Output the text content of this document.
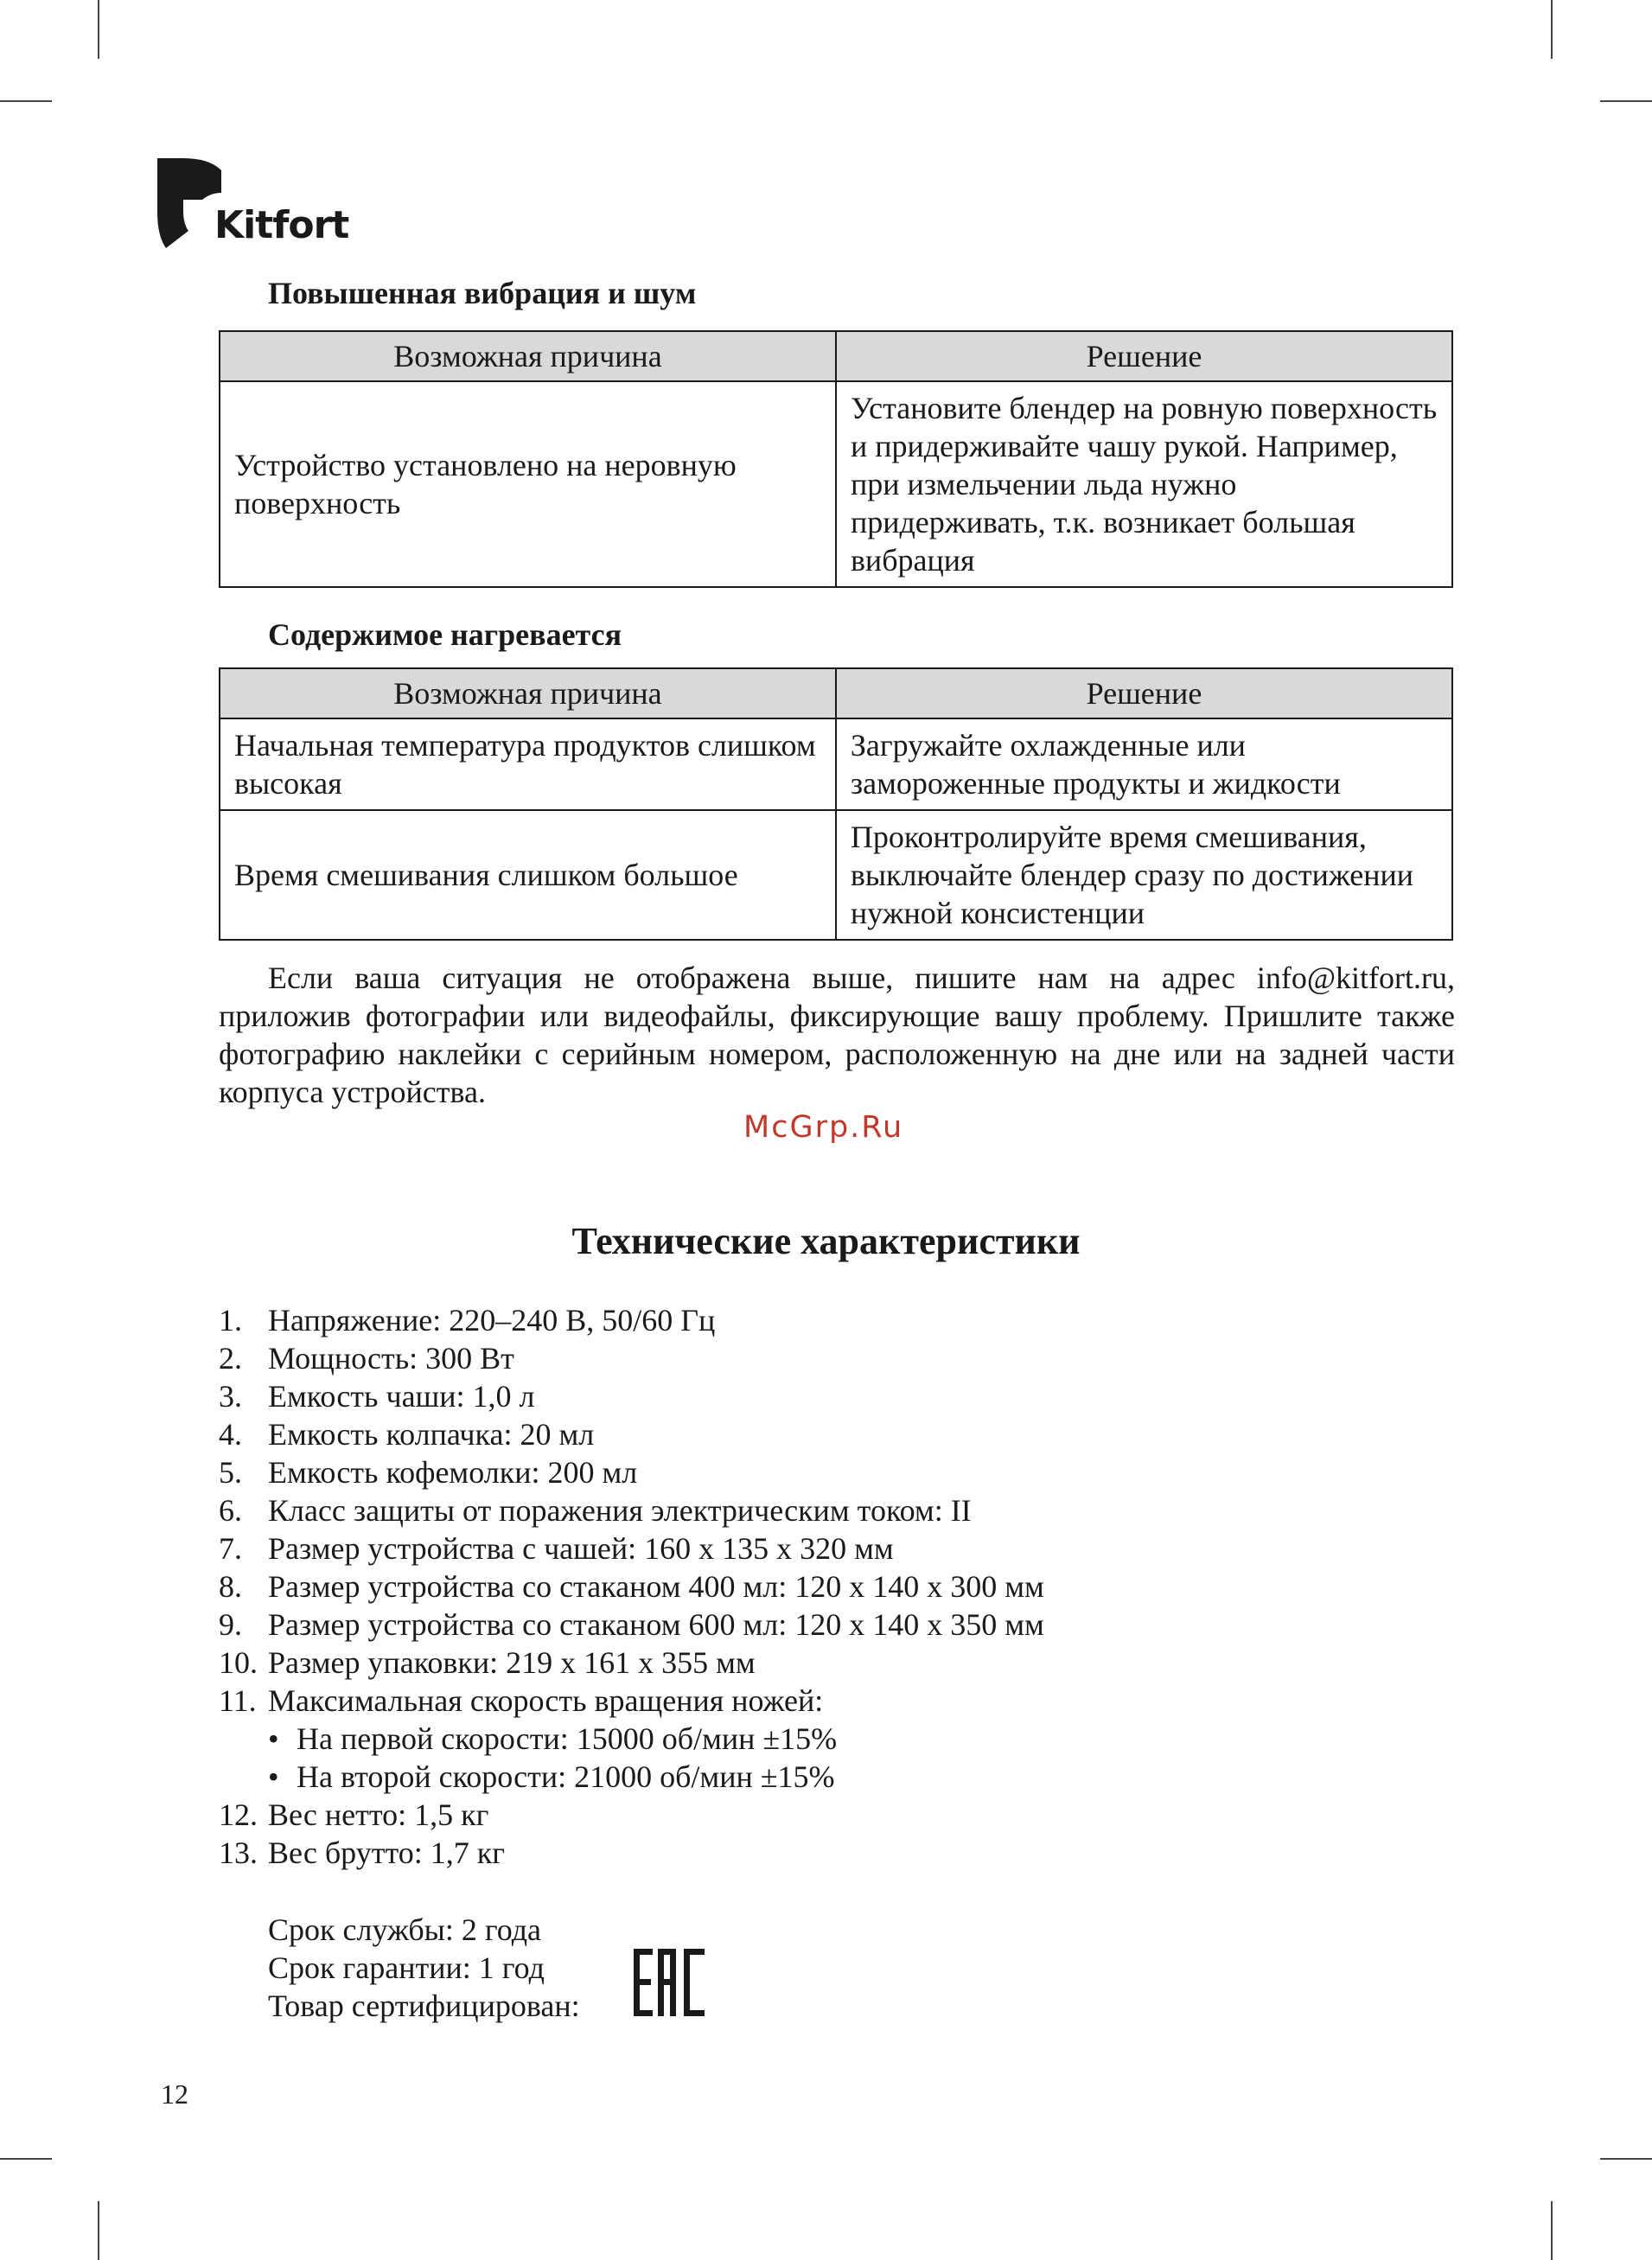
Kitfort
Повышенная вибрация и шум
Возможная причина	Решение
Устройство установлено на неровную поверхность	Установите блендер на ровную поверхность и придерживайте чашу рукой. Например, при измельчении льда нужно придерживать, т.к. возникает большая вибрация
Содержимое нагревается
Возможная причина	Решение
Начальная температура продуктов слишком высокая	Загружайте охлажденные или замороженные продукты и жидкости
Время смешивания слишком большое	Проконтролируйте время смешивания, выключайте блендер сразу по достижении нужной консистенции
Если ваша ситуация не отображена выше, пишите нам на адрес info@kitfort.ru, приложив фотографии или видеофайлы, фиксирующие вашу проблему. Пришлите также фотографию наклейки с серийным номером, расположенную на дне или на задней части корпуса устройства.
McGrp.Ru
Технические характеристики
1. Напряжение: 220–240 В, 50/60 Гц
2. Мощность: 300 Вт
3. Емкость чаши: 1,0 л
4. Емкость колпачка: 20 мл
5. Емкость кофемолки: 200 мл
6. Класс защиты от поражения электрическим током: II
7. Размер устройства с чашей: 160 х 135 х 320 мм
8. Размер устройства со стаканом 400 мл: 120 х 140 х 300 мм
9. Размер устройства со стаканом 600 мл: 120 х 140 х 350 мм
10. Размер упаковки: 219 х 161 х 355 мм
11. Максимальная скорость вращения ножей:
• На первой скорости: 15000 об/мин ±15%
• На второй скорости: 21000 об/мин ±15%
12. Вес нетто: 1,5 кг
13. Вес брутто: 1,7 кг
Срок службы: 2 года
Срок гарантии: 1 год
Товар сертифицирован:
12
